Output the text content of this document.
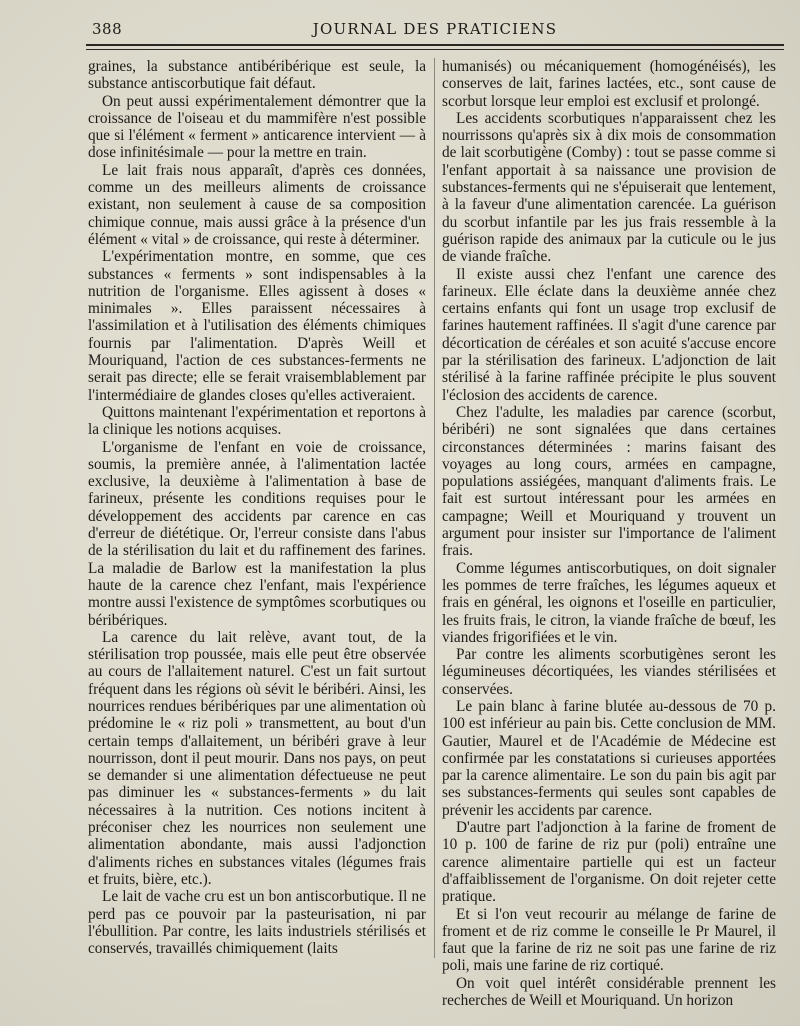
388	JOURNAL DES PRATICIENS

graines, la substance antibéribérique est seule, la substance antiscorbutique fait défaut.

On peut aussi expérimentalement démontrer que la croissance de l'oiseau et du mammifère n'est possible que si l'élément « ferment » anticarence intervient — à dose infinitésimale — pour la mettre en train.

Le lait frais nous apparaît, d'après ces données, comme un des meilleurs aliments de croissance existant, non seulement à cause de sa composition chimique connue, mais aussi grâce à la présence d'un élément « vital » de croissance, qui reste à déterminer.

L'expérimentation montre, en somme, que ces substances « ferments » sont indispensables à la nutrition de l'organisme. Elles agissent à doses « minimales ». Elles paraissent nécessaires à l'assimilation et à l'utilisation des éléments chimiques fournis par l'alimentation. D'après Weill et Mouriquand, l'action de ces substances-ferments ne serait pas directe; elle se ferait vraisemblablement par l'intermédiaire de glandes closes qu'elles activeraient.

Quittons maintenant l'expérimentation et reportons à la clinique les notions acquises.

L'organisme de l'enfant en voie de croissance, soumis, la première année, à l'alimentation lactée exclusive, la deuxième à l'alimentation à base de farineux, présente les conditions requises pour le développement des accidents par carence en cas d'erreur de diététique. Or, l'erreur consiste dans l'abus de la stérilisation du lait et du raffinement des farines. La maladie de Barlow est la manifestation la plus haute de la carence chez l'enfant, mais l'expérience montre aussi l'existence de symptômes scorbutiques ou béribériques.

La carence du lait relève, avant tout, de la stérilisation trop poussée, mais elle peut être observée au cours de l'allaitement naturel. C'est un fait surtout fréquent dans les régions où sévit le béribéri. Ainsi, les nourrices rendues béribériques par une alimentation où prédomine le « riz poli » transmettent, au bout d'un certain temps d'allaitement, un béribéri grave à leur nourrisson, dont il peut mourir. Dans nos pays, on peut se demander si une alimentation défectueuse ne peut pas diminuer les « substances-ferments » du lait nécessaires à la nutrition. Ces notions incitent à préconiser chez les nourrices non seulement une alimentation abondante, mais aussi l'adjonction d'aliments riches en substances vitales (légumes frais et fruits, bière, etc.).

Le lait de vache cru est un bon antiscorbutique. Il ne perd pas ce pouvoir par la pasteurisation, ni par l'ébullition. Par contre, les laits industriels stérilisés et conservés, travaillés chimiquement (laits

humanisés) ou mécaniquement (homogénéisés), les conserves de lait, farines lactées, etc., sont cause de scorbut lorsque leur emploi est exclusif et prolongé.

Les accidents scorbutiques n'apparaissent chez les nourrissons qu'après six à dix mois de consommation de lait scorbutigène (Comby) : tout se passe comme si l'enfant apportait à sa naissance une provision de substances-ferments qui ne s'épuiserait que lentement, à la faveur d'une alimentation carencée. La guérison du scorbut infantile par les jus frais ressemble à la guérison rapide des animaux par la cuticule ou le jus de viande fraîche.

Il existe aussi chez l'enfant une carence des farineux. Elle éclate dans la deuxième année chez certains enfants qui font un usage trop exclusif de farines hautement raffinées. Il s'agit d'une carence par décortication de céréales et son acuité s'accuse encore par la stérilisation des farineux. L'adjonction de lait stérilisé à la farine raffinée précipite le plus souvent l'éclosion des accidents de carence.

Chez l'adulte, les maladies par carence (scorbut, béribéri) ne sont signalées que dans certaines circonstances déterminées : marins faisant des voyages au long cours, armées en campagne, populations assiégées, manquant d'aliments frais. Le fait est surtout intéressant pour les armées en campagne; Weill et Mouriquand y trouvent un argument pour insister sur l'importance de l'aliment frais.

Comme légumes antiscorbutiques, on doit signaler les pommes de terre fraîches, les légumes aqueux et frais en général, les oignons et l'oseille en particulier, les fruits frais, le citron, la viande fraîche de bœuf, les viandes frigorifiées et le vin.

Par contre les aliments scorbutigènes seront les légumineuses décortiquées, les viandes stérilisées et conservées.

Le pain blanc à farine blutée au-dessous de 70 p. 100 est inférieur au pain bis. Cette conclusion de MM. Gautier, Maurel et de l'Académie de Médecine est confirmée par les constatations si curieuses apportées par la carence alimentaire. Le son du pain bis agit par ses substances-ferments qui seules sont capables de prévenir les accidents par carence.

D'autre part l'adjonction à la farine de froment de 10 p. 100 de farine de riz pur (poli) entraîne une carence alimentaire partielle qui est un facteur d'affaiblissement de l'organisme. On doit rejeter cette pratique.

Et si l'on veut recourir au mélange de farine de froment et de riz comme le conseille le Pr Maurel, il faut que la farine de riz ne soit pas une farine de riz poli, mais une farine de riz cortiqué.

On voit quel intérêt considérable prennent les recherches de Weill et Mouriquand. Un horizon
